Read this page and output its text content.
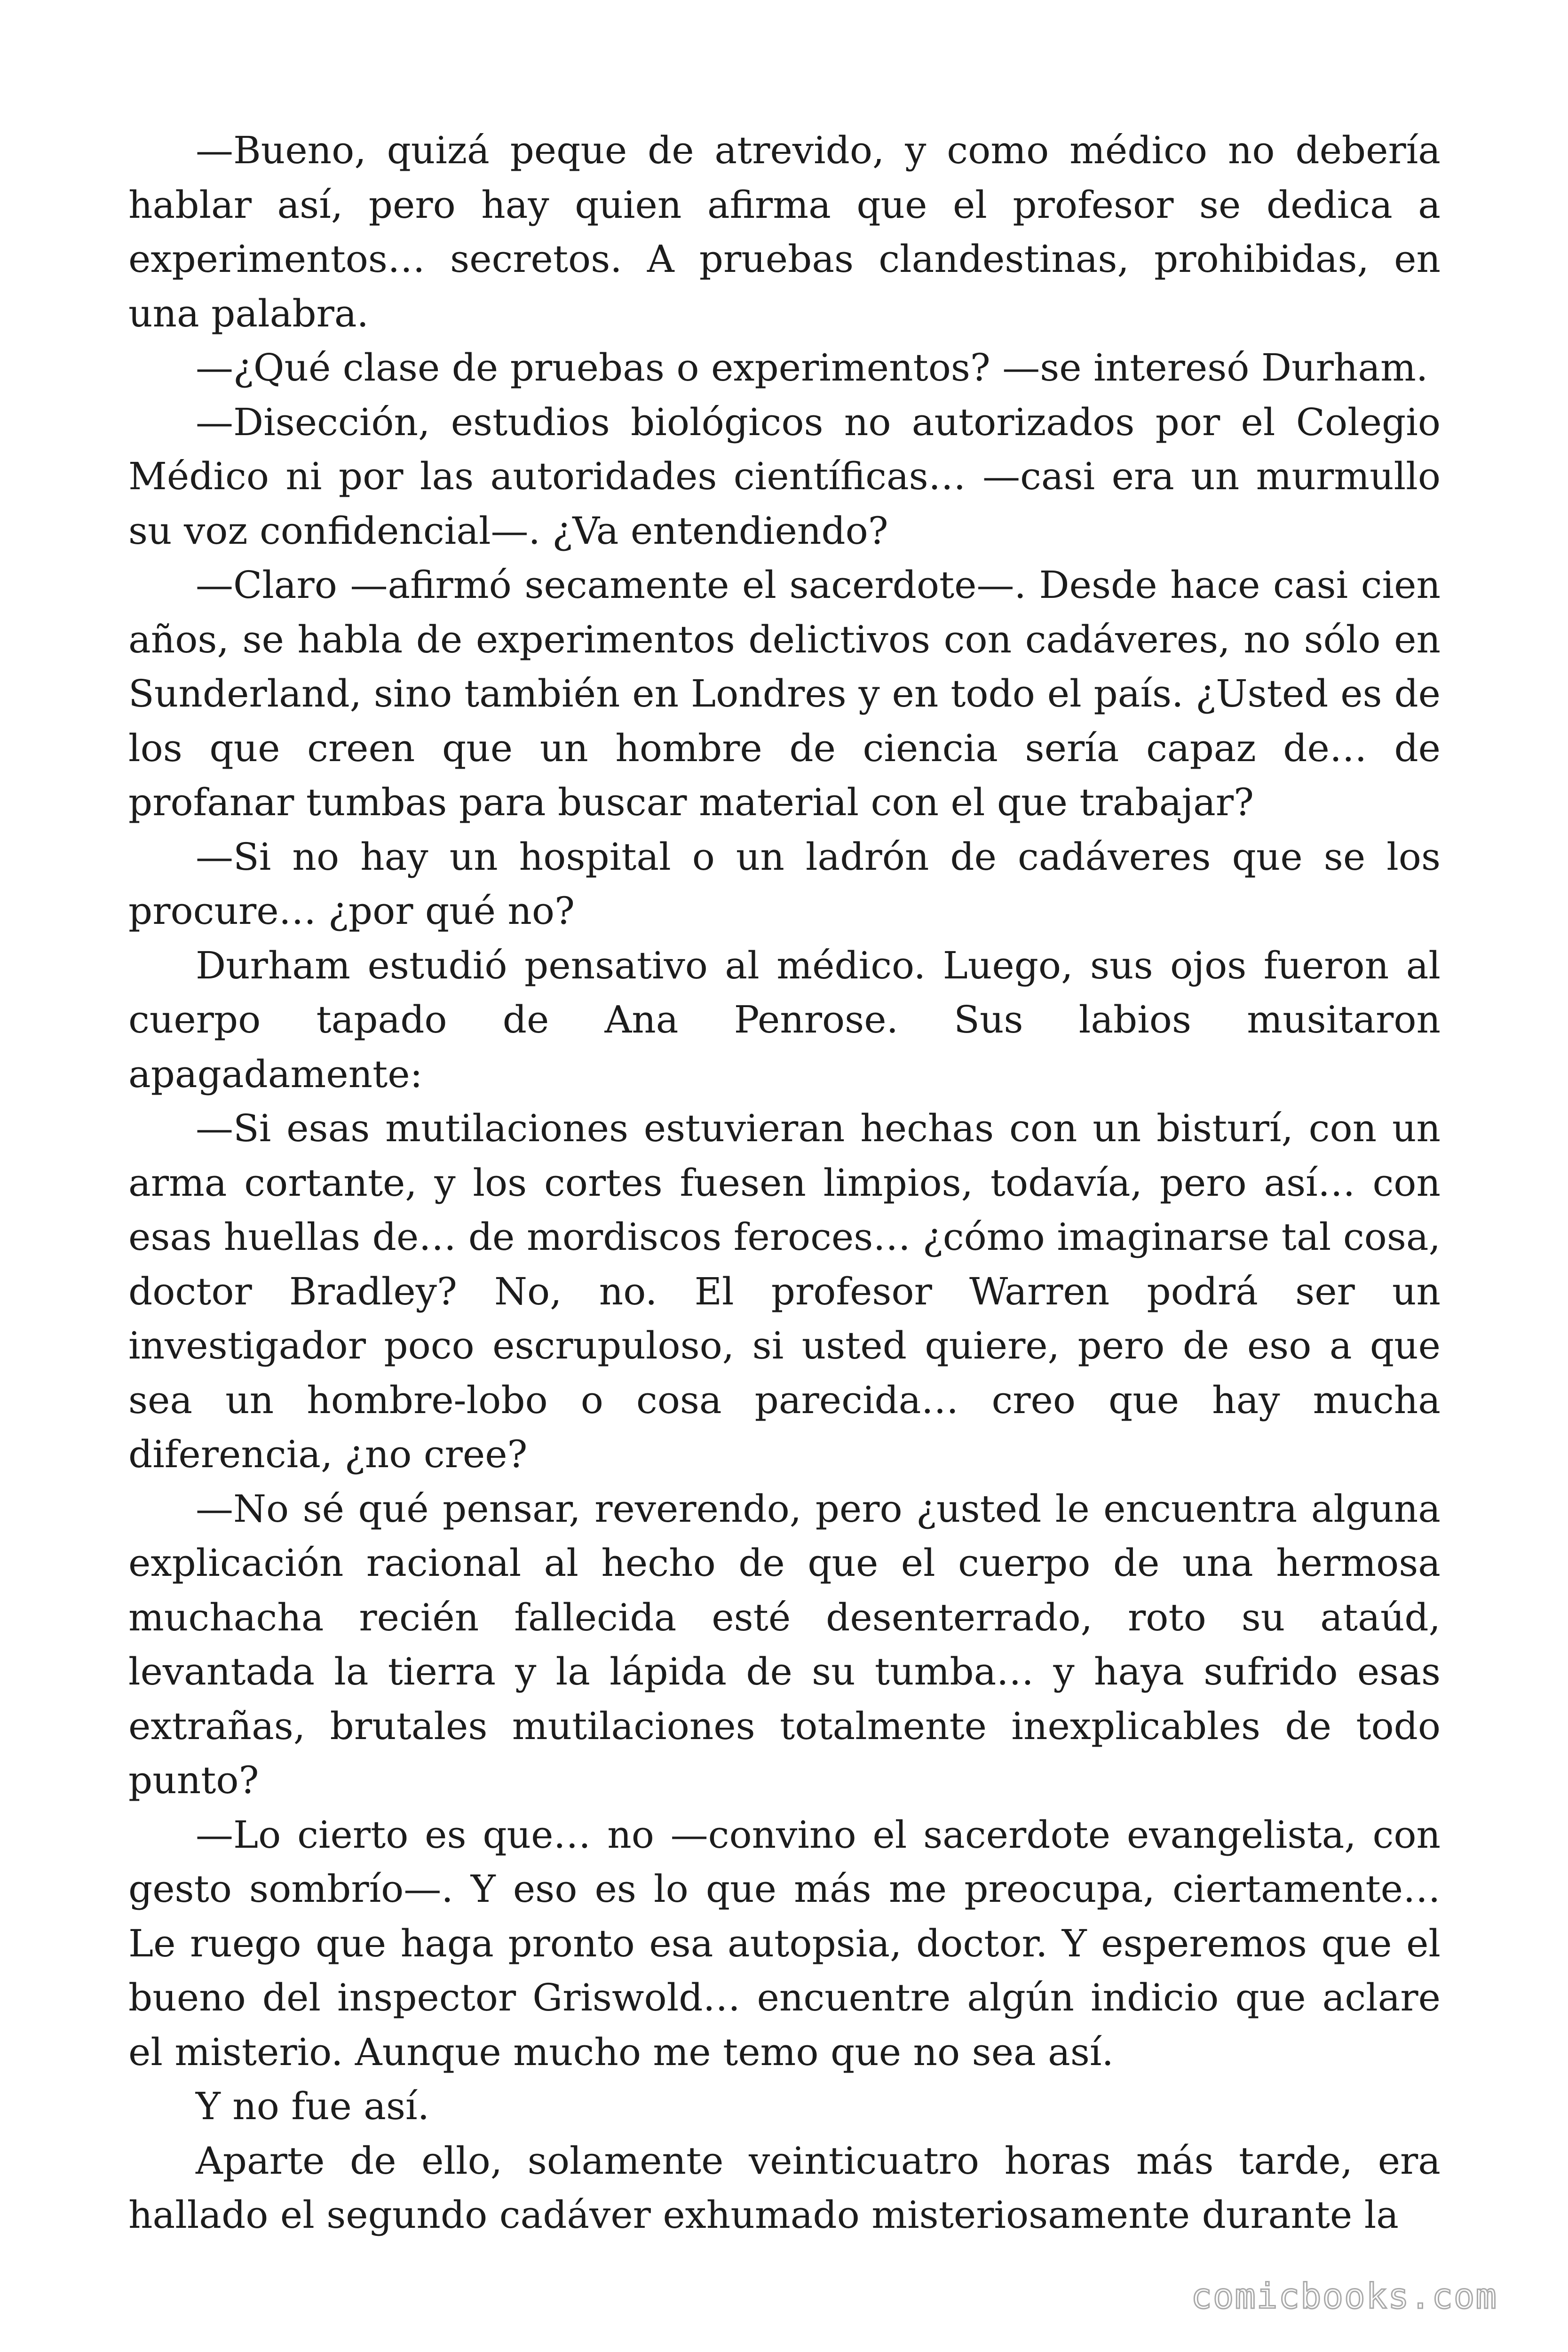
—Bueno, quizá peque de atrevido, y como médico no debería hablar así, pero hay quien afirma que el profesor se dedica a experimentos… secretos. A pruebas clandestinas, prohibidas, en una palabra.

—¿Qué clase de pruebas o experimentos? —se interesó Durham.

—Disección, estudios biológicos no autorizados por el Colegio Médico ni por las autoridades científicas… —casi era un murmullo su voz confidencial—. ¿Va entendiendo?

—Claro —afirmó secamente el sacerdote—. Desde hace casi cien años, se habla de experimentos delictivos con cadáveres, no sólo en Sunderland, sino también en Londres y en todo el país. ¿Usted es de los que creen que un hombre de ciencia sería capaz de… de profanar tumbas para buscar material con el que trabajar?

—Si no hay un hospital o un ladrón de cadáveres que se los procure… ¿por qué no?

Durham estudió pensativo al médico. Luego, sus ojos fueron al cuerpo tapado de Ana Penrose. Sus labios musitaron apagadamente:

—Si esas mutilaciones estuvieran hechas con un bisturí, con un arma cortante, y los cortes fuesen limpios, todavía, pero así… con esas huellas de… de mordiscos feroces… ¿cómo imaginarse tal cosa, doctor Bradley? No, no. El profesor Warren podrá ser un investigador poco escrupuloso, si usted quiere, pero de eso a que sea un hombre-lobo o cosa parecida… creo que hay mucha diferencia, ¿no cree?

—No sé qué pensar, reverendo, pero ¿usted le encuentra alguna explicación racional al hecho de que el cuerpo de una hermosa muchacha recién fallecida esté desenterrado, roto su ataúd, levantada la tierra y la lápida de su tumba… y haya sufrido esas extrañas, brutales mutilaciones totalmente inexplicables de todo punto?

—Lo cierto es que… no —convino el sacerdote evangelista, con gesto sombrío—. Y eso es lo que más me preocupa, ciertamente… Le ruego que haga pronto esa autopsia, doctor. Y esperemos que el bueno del inspector Griswold… encuentre algún indicio que aclare el misterio. Aunque mucho me temo que no sea así.

Y no fue así.

Aparte de ello, solamente veinticuatro horas más tarde, era hallado el segundo cadáver exhumado misteriosamente durante la

comicbooks.com
